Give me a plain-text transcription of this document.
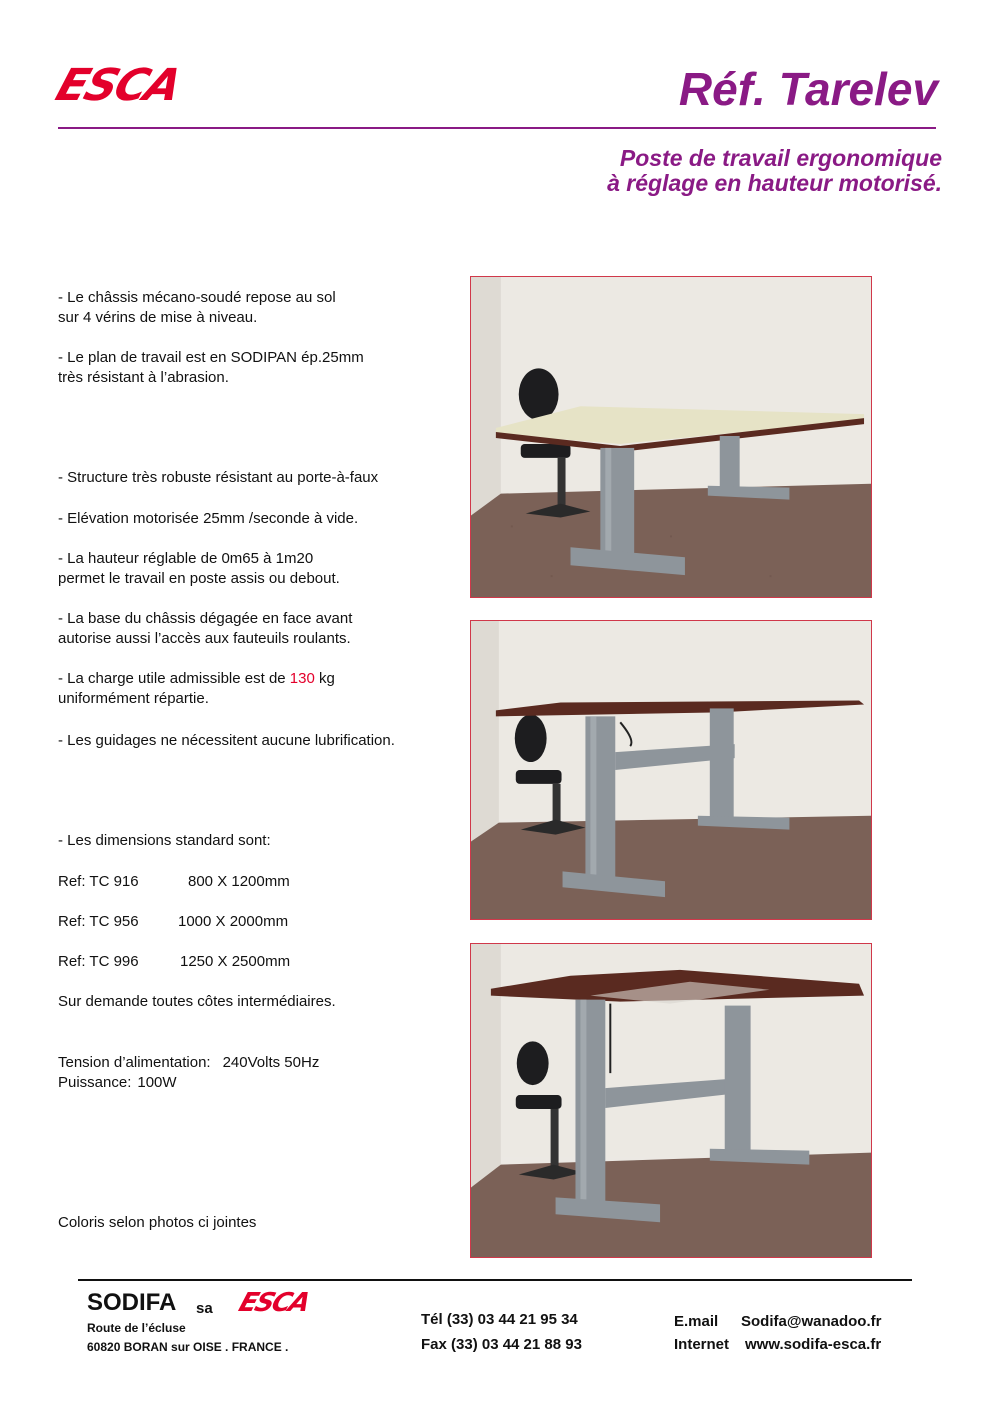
ESCA	Réf. Tarelev
Poste de travail ergonomique
à réglage en hauteur motorisé.
- Le châssis mécano-soudé repose au sol
sur 4 vérins de mise à niveau.
- Le plan de travail est en SODIPAN ép.25mm
très résistant à l’abrasion.
- Structure très robuste résistant au porte-à-faux
- Elévation motorisée 25mm /seconde à vide.
- La hauteur réglable de 0m65 à 1m20
permet le travail en poste assis ou debout.
- La base du châssis dégagée en face avant
autorise aussi l’accès aux fauteuils roulants.
- La charge utile admissible est de 130 kg
uniformément répartie.
- Les guidages ne nécessitent aucune lubrification.
- Les dimensions standard sont:
Ref: TC 916	800 X 1200mm
Ref: TC 956	1000 X 2000mm
Ref: TC 996	1250 X 2500mm
Sur demande toutes côtes intermédiaires.
Tension d’alimentation: 240Volts 50Hz
Puissance: 100W
Coloris selon photos ci jointes
SODIFA sa ESCA
Route de l’écluse
60820 BORAN sur OISE . FRANCE .
Tél (33) 03 44 21 95 34
Fax (33) 03 44 21 88 93
E.mail Sodifa@wanadoo.fr
Internet www.sodifa-esca.fr
